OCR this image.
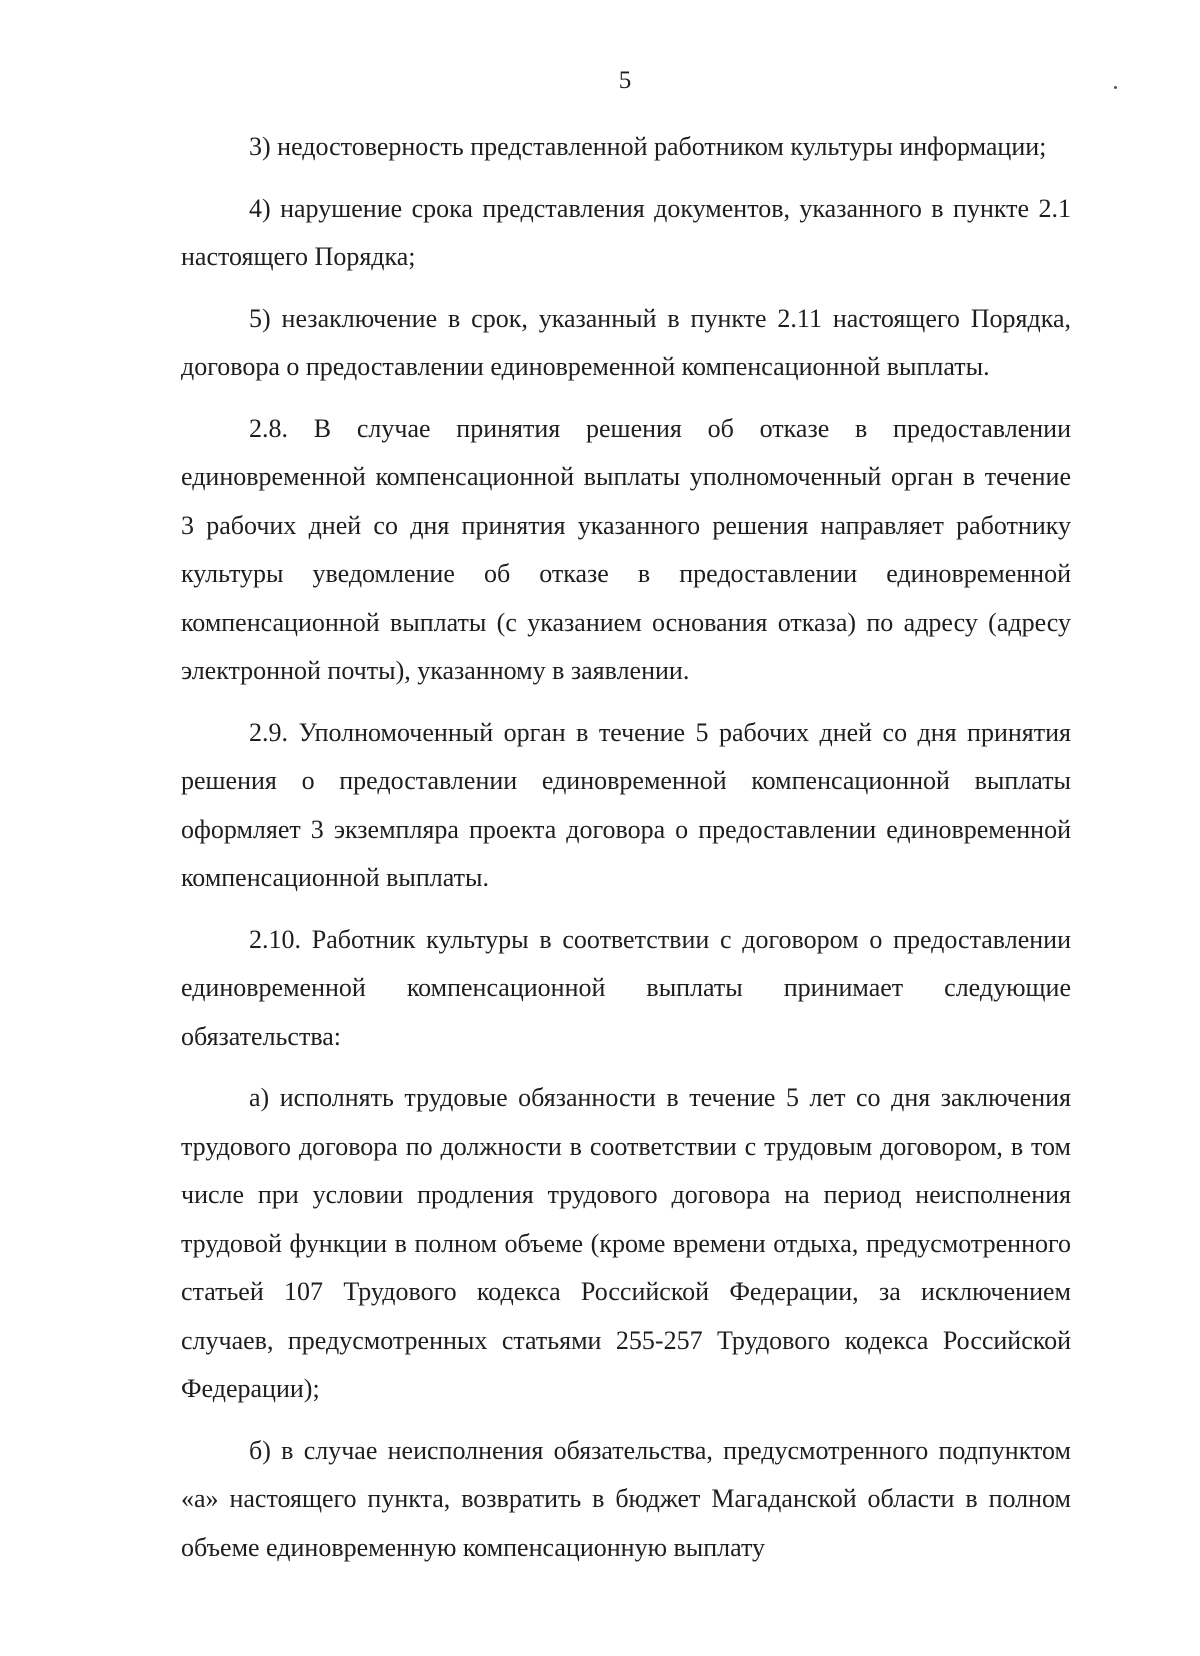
5

3) недостоверность представленной работником культуры информации;

4) нарушение срока представления документов, указанного в пункте 2.1 настоящего Порядка;

5) незаключение в срок, указанный в пункте 2.11 настоящего Порядка, договора о предоставлении единовременной компенсационной выплаты.

2.8. В случае принятия решения об отказе в предоставлении единовременной компенсационной выплаты уполномоченный орган в течение 3 рабочих дней со дня принятия указанного решения направляет работнику культуры уведомление об отказе в предоставлении единовременной компенсационной выплаты (с указанием основания отказа) по адресу (адресу электронной почты), указанному в заявлении.

2.9. Уполномоченный орган в течение 5 рабочих дней со дня принятия решения о предоставлении единовременной компенсационной выплаты оформляет 3 экземпляра проекта договора о предоставлении единовременной компенсационной выплаты.

2.10. Работник культуры в соответствии с договором о предоставлении единовременной компенсационной выплаты принимает следующие обязательства:

а) исполнять трудовые обязанности в течение 5 лет со дня заключения трудового договора по должности в соответствии с трудовым договором, в том числе при условии продления трудового договора на период неисполнения трудовой функции в полном объеме (кроме времени отдыха, предусмотренного статьей 107 Трудового кодекса Российской Федерации, за исключением случаев, предусмотренных статьями 255-257 Трудового кодекса Российской Федерации);

б) в случае неисполнения обязательства, предусмотренного подпунктом «а» настоящего пункта, возвратить в бюджет Магаданской области в полном объеме единовременную компенсационную выплату
